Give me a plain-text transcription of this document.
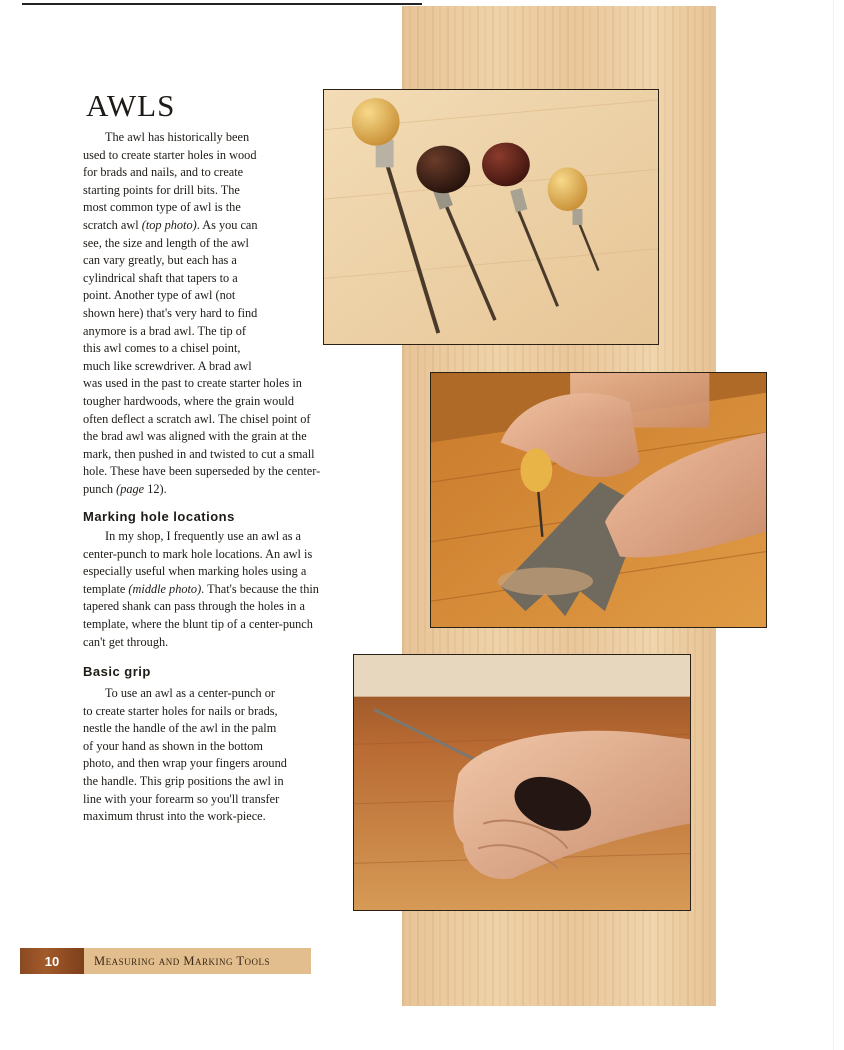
AWLS

The awl has historically been
used to create starter holes in wood
for brads and nails, and to create
starting points for drill bits. The
most common type of awl is the
scratch awl (top photo). As you can
see, the size and length of the awl
can vary greatly, but each has a
cylindrical shaft that tapers to a
point. Another type of awl (not
shown here) that's very hard to find
anymore is a brad awl. The tip of
this awl comes to a chisel point,
much like screwdriver. A brad awl

was used in the past to create starter holes in
tougher hardwoods, where the grain would
often deflect a scratch awl. The chisel point of
the brad awl was aligned with the grain at the
mark, then pushed in and twisted to cut a small
hole. These have been superseded by the center-
punch (page 12).
Marking hole locations

In my shop, I frequently use an awl as a
center-punch to mark hole locations. An awl is
especially useful when marking holes using a
template (middle photo). That's because the thin
tapered shank can pass through the holes in a
template, where the blunt tip of a center-punch
can't get through.

Basic grip

To use an awl as a center-punch or
to create starter holes for nails or brads,
nestle the handle of the awl in the palm
of your hand as shown in the bottom
photo, and then wrap your fingers around
the handle. This grip positions the awl in
line with your forearm so you'll transfer
maximum thrust into the work-piece.

10	Measuring and Marking Tools
